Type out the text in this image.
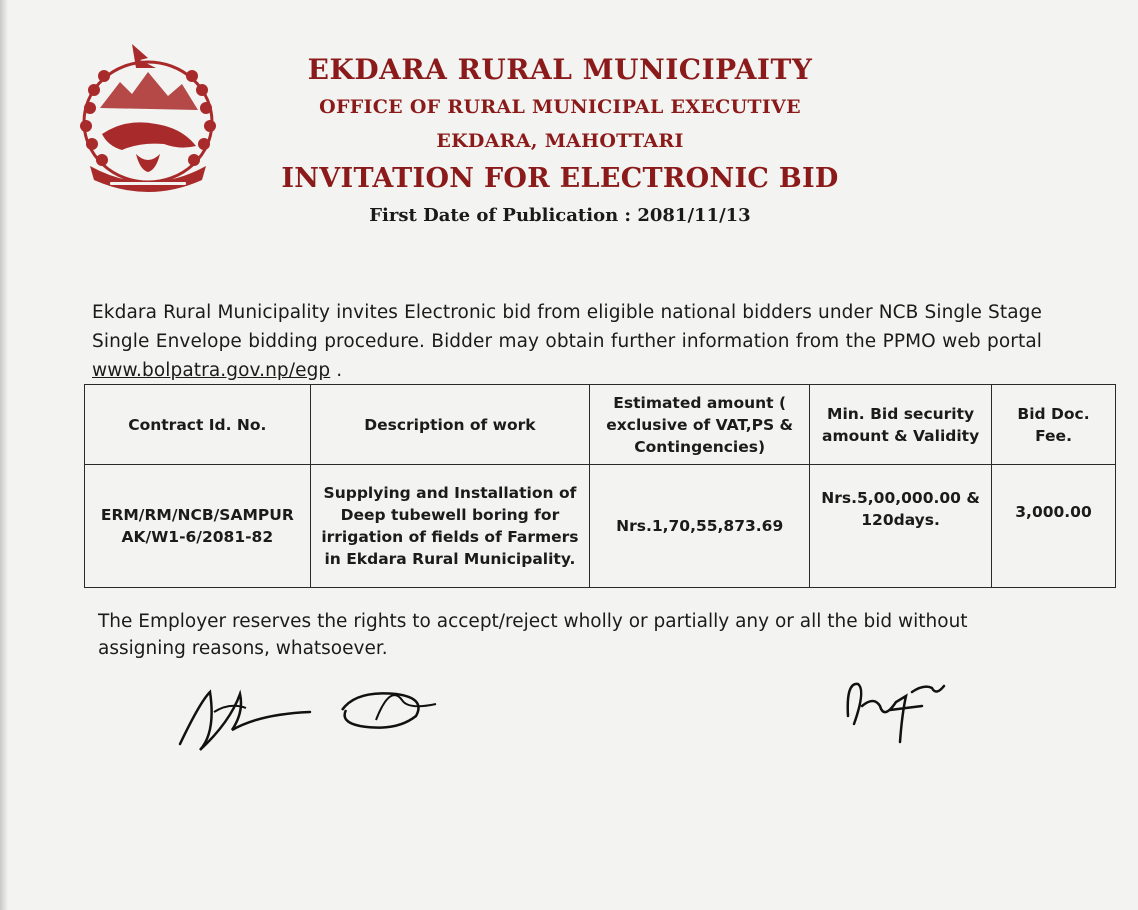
EKDARA RURAL MUNICIPAITY

OFFICE OF RURAL MUNICIPAL EXECUTIVE

EKDARA, MAHOTTARI

INVITATION FOR ELECTRONIC BID

First Date of Publication : 2081/11/13

Ekdara Rural Municipality invites Electronic bid from eligible national bidders under NCB Single Stage Single Envelope bidding procedure. Bidder may obtain further information from the PPMO web portal www.bolpatra.gov.np/egp .
Contract Id. No.	Description of work	Estimated amount ( exclusive of VAT,PS & Contingencies)	Min. Bid security amount & Validity	Bid Doc. Fee.
ERM/RM/NCB/SAMPURAK/W1-6/2081-82	Supplying and Installation of Deep tubewell boring for irrigation of fields of Farmers in Ekdara Rural Municipality.	Nrs.1,70,55,873.69	Nrs.5,00,000.00 & 120days.	3,000.00
The Employer reserves the rights to accept/reject wholly or partially any or all the bid without assigning reasons, whatsoever.
